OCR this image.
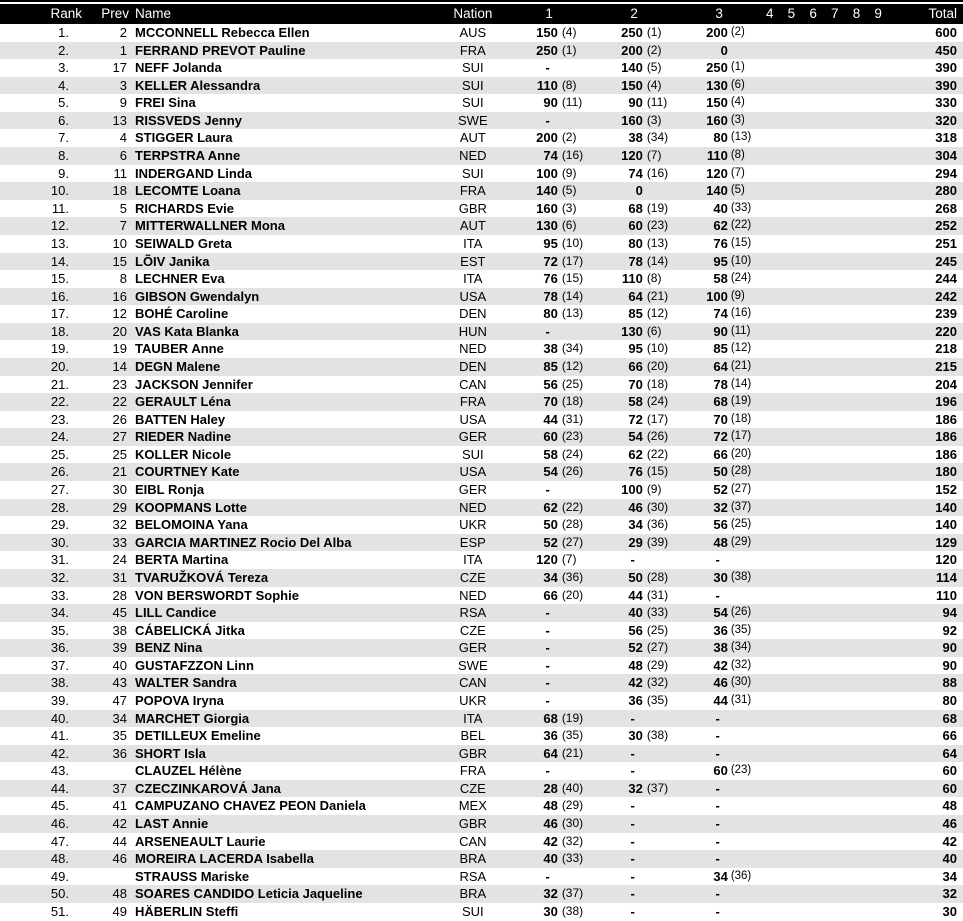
Rank	Prev Name	Nation	1	2	3	4	5	6	7	8	9	Total
1.	2 MCCONNELL Rebecca Ellen	AUS	150 (4)	250 (1)	200 (2)	600
2.	1 FERRAND PREVOT Pauline	FRA	250 (1)	200 (2)	0	450
3.	17 NEFF Jolanda	SUI	-	140 (5)	250 (1)	390
4.	3 KELLER Alessandra	SUI	110 (8)	150 (4)	130 (6)	390
5.	9 FREI Sina	SUI	90 (11)	90 (11)	150 (4)	330
6.	13 RISSVEDS Jenny	SWE	-	160 (3)	160 (3)	320
7.	4 STIGGER Laura	AUT	200 (2)	38 (34)	80 (13)	318
8.	6 TERPSTRA Anne	NED	74 (16)	120 (7)	110 (8)	304
9.	11 INDERGAND Linda	SUI	100 (9)	74 (16)	120 (7)	294
10.	18 LECOMTE Loana	FRA	140 (5)	0	140 (5)	280
11.	5 RICHARDS Evie	GBR	160 (3)	68 (19)	40 (33)	268
12.	7 MITTERWALLNER Mona	AUT	130 (6)	60 (23)	62 (22)	252
13.	10 SEIWALD Greta	ITA	95 (10)	80 (13)	76 (15)	251
14.	15 LÕIV Janika	EST	72 (17)	78 (14)	95 (10)	245
15.	8 LECHNER Eva	ITA	76 (15)	110 (8)	58 (24)	244
16.	16 GIBSON Gwendalyn	USA	78 (14)	64 (21)	100 (9)	242
17.	12 BOHÉ Caroline	DEN	80 (13)	85 (12)	74 (16)	239
18.	20 VAS Kata Blanka	HUN	-	130 (6)	90 (11)	220
19.	19 TAUBER Anne	NED	38 (34)	95 (10)	85 (12)	218
20.	14 DEGN Malene	DEN	85 (12)	66 (20)	64 (21)	215
21.	23 JACKSON Jennifer	CAN	56 (25)	70 (18)	78 (14)	204
22.	22 GERAULT Léna	FRA	70 (18)	58 (24)	68 (19)	196
23.	26 BATTEN Haley	USA	44 (31)	72 (17)	70 (18)	186
24.	27 RIEDER Nadine	GER	60 (23)	54 (26)	72 (17)	186
25.	25 KOLLER Nicole	SUI	58 (24)	62 (22)	66 (20)	186
26.	21 COURTNEY Kate	USA	54 (26)	76 (15)	50 (28)	180
27.	30 EIBL Ronja	GER	-	100 (9)	52 (27)	152
28.	29 KOOPMANS Lotte	NED	62 (22)	46 (30)	32 (37)	140
29.	32 BELOMOINA Yana	UKR	50 (28)	34 (36)	56 (25)	140
30.	33 GARCIA MARTINEZ Rocio Del Alba	ESP	52 (27)	29 (39)	48 (29)	129
31.	24 BERTA Martina	ITA	120 (7)	-	-	120
32.	31 TVARUŽKOVÁ Tereza	CZE	34 (36)	50 (28)	30 (38)	114
33.	28 VON BERSWORDT Sophie	NED	66 (20)	44 (31)	-	110
34.	45 LILL Candice	RSA	-	40 (33)	54 (26)	94
35.	38 CÁBELICKÁ Jitka	CZE	-	56 (25)	36 (35)	92
36.	39 BENZ Nina	GER	-	52 (27)	38 (34)	90
37.	40 GUSTAFZZON Linn	SWE	-	48 (29)	42 (32)	90
38.	43 WALTER Sandra	CAN	-	42 (32)	46 (30)	88
39.	47 POPOVA Iryna	UKR	-	36 (35)	44 (31)	80
40.	34 MARCHET Giorgia	ITA	68 (19)	-	-	68
41.	35 DETILLEUX Emeline	BEL	36 (35)	30 (38)	-	66
42.	36 SHORT Isla	GBR	64 (21)	-	-	64
43.	CLAUZEL Hélène	FRA	-	-	60 (23)	60
44.	37 CZECZINKAROVÁ Jana	CZE	28 (40)	32 (37)	-	60
45.	41 CAMPUZANO CHAVEZ PEON Daniela	MEX	48 (29)	-	-	48
46.	42 LAST Annie	GBR	46 (30)	-	-	46
47.	44 ARSENEAULT Laurie	CAN	42 (32)	-	-	42
48.	46 MOREIRA LACERDA Isabella	BRA	40 (33)	-	-	40
49.	STRAUSS Mariske	RSA	-	-	34 (36)	34
50.	48 SOARES CANDIDO Leticia Jaqueline	BRA	32 (37)	-	-	32
51.	49 HÄBERLIN Steffi	SUI	30 (38)	-	-	30
